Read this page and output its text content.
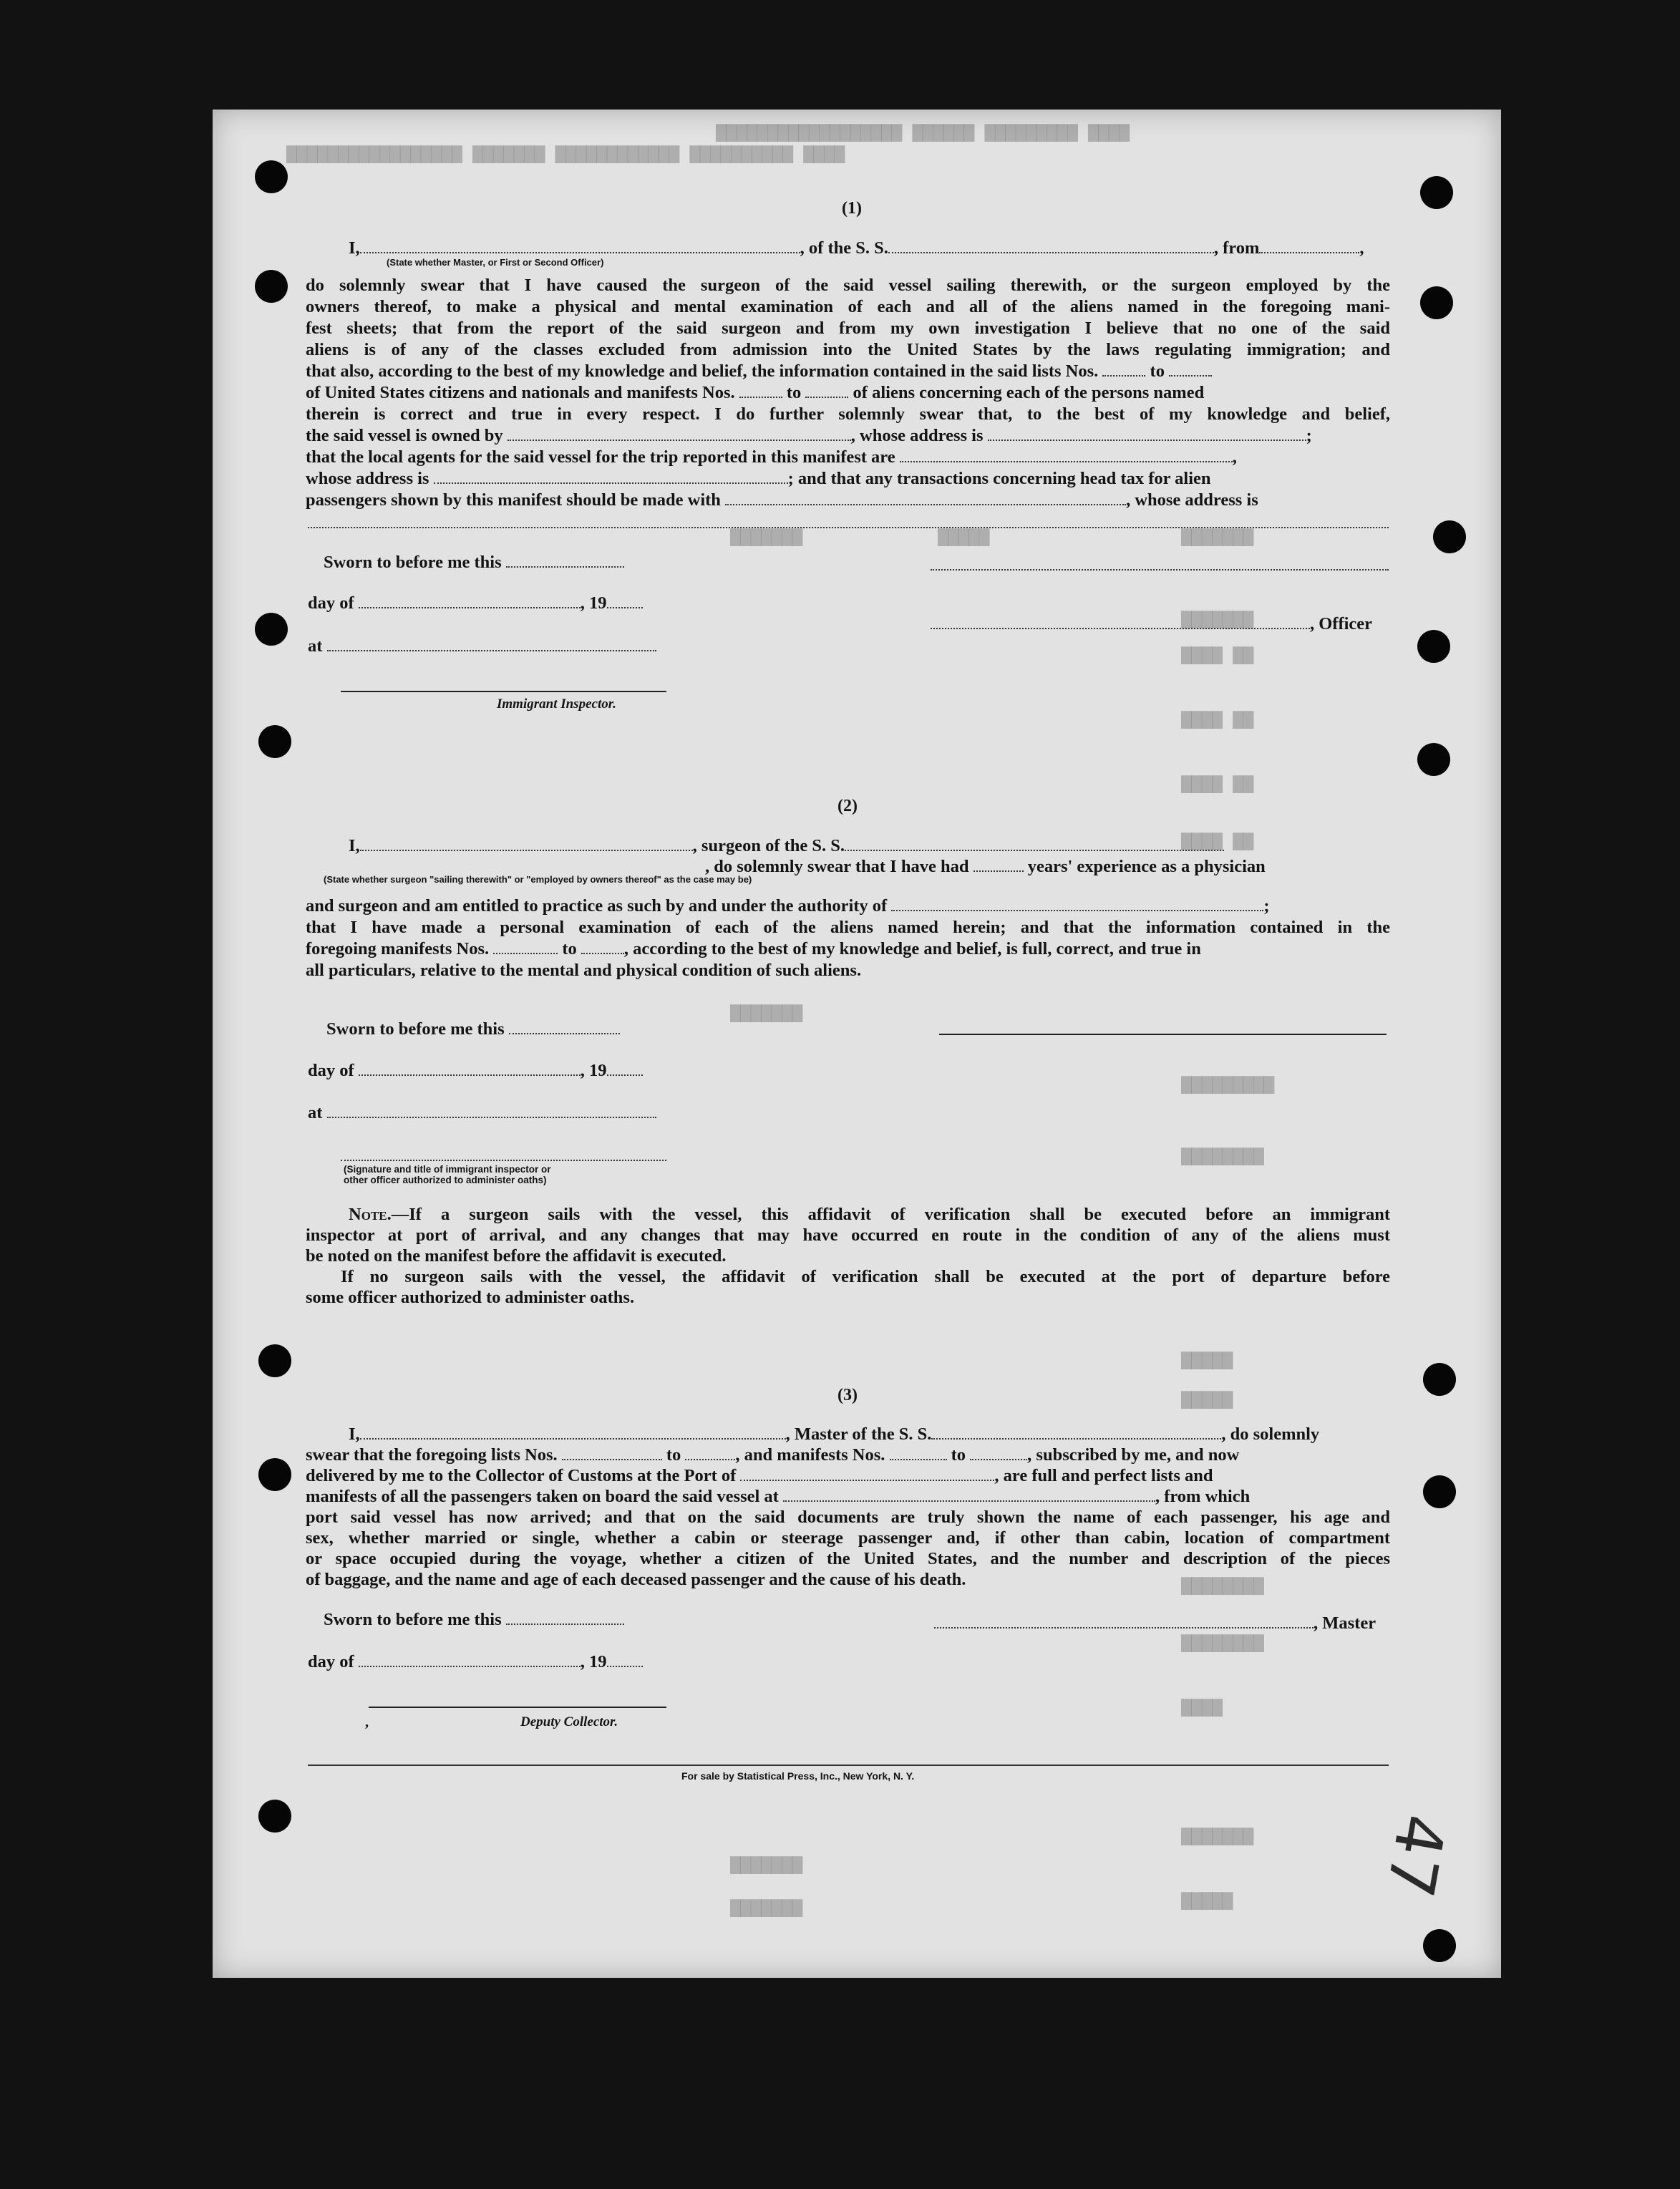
▇▇▇▇ ▇▇▇▇▇▇▇▇▇ ▇▇▇▇▇▇ ▇▇▇▇▇▇▇▇▇▇▇▇▇▇▇▇▇▇
▇▇▇▇ ▇▇▇▇▇▇▇▇▇▇ ▇▇▇▇▇▇▇▇▇▇▇▇ ▇▇▇▇▇▇▇ ▇▇▇▇▇▇▇▇▇▇▇▇▇▇▇▇▇
▇▇▇▇▇▇▇
▇▇▇▇▇
▇▇▇▇▇▇▇
▇▇▇▇▇▇▇
▇▇ ▇▇▇▇
▇▇ ▇▇▇▇
▇▇ ▇▇▇▇
▇▇ ▇▇▇▇
▇▇▇▇▇▇▇
▇▇▇▇▇▇▇▇▇
▇▇▇▇▇▇▇▇
▇▇▇▇▇
▇▇▇▇▇
▇▇▇▇▇▇▇▇
▇▇▇▇▇▇▇▇
▇▇▇▇
▇▇▇▇▇▇▇
▇▇▇▇▇
▇▇▇▇▇▇▇
▇▇▇▇▇▇▇
(1)
I,	, of the S. S.	, from	,
(State whether Master, or First or Second Officer)
do solemnly swear that I have caused the surgeon of the said vessel sailing therewith, or the surgeon employed by the
owners thereof, to make a physical and mental examination of each and all of the aliens named in the foregoing mani-
fest sheets; that from the report of the said surgeon and from my own investigation I believe that no one of the said
aliens is of any of the classes excluded from admission into the United States by the laws regulating immigration; and
that also, according to the best of my knowledge and belief, the information contained in the said lists Nos.	to
of United States citizens and nationals and manifests Nos.	to	of aliens concerning each of the persons named
therein is correct and true in every respect. I do further solemnly swear that, to the best of my knowledge and belief,
the said vessel is owned by	, whose address is	;
that the local agents for the said vessel for the trip reported in this manifest are	,
whose address is	; and that any transactions concerning head tax for alien
passengers shown by this manifest should be made with	, whose address is
Sworn to before me this
day of	, 19
at
Immigrant Inspector.
, Officer
(2)
I,	, surgeon of the S. S.
, do solemnly swear that I have had	years' experience as a physician
(State whether surgeon "sailing therewith" or "employed by owners thereof" as the case may be)
and surgeon and am entitled to practice as such by and under the authority of	;
that I have made a personal examination of each of the aliens named herein; and that the information contained in the
foregoing manifests Nos.	to	, according to the best of my knowledge and belief, is full, correct, and true in
all particulars, relative to the mental and physical condition of such aliens.
Sworn to before me this
day of	, 19
at
(Signature and title of immigrant inspector or
other officer authorized to administer oaths)
Note.—If a surgeon sails with the vessel, this affidavit of verification shall be executed before an immigrant
inspector at port of arrival, and any changes that may have occurred en route in the condition of any of the aliens must
be noted on the manifest before the affidavit is executed.
If no surgeon sails with the vessel, the affidavit of verification shall be executed at the port of departure before
some officer authorized to administer oaths.
(3)
I,	, Master of the S. S.	, do solemnly
swear that the foregoing lists Nos.	to	, and manifests Nos.	to	, subscribed by me, and now
delivered by me to the Collector of Customs at the Port of	, are full and perfect lists and
manifests of all the passengers taken on board the said vessel at	, from which
port said vessel has now arrived; and that on the said documents are truly shown the name of each passenger, his age and
sex, whether married or single, whether a cabin or steerage passenger and, if other than cabin, location of compartment
or space occupied during the voyage, whether a citizen of the United States, and the number and description of the pieces
of baggage, and the name and age of each deceased passenger and the cause of his death.
Sworn to before me this
day of	, 19
, Master
,	Deputy Collector.
For sale by Statistical Press, Inc., New York, N. Y.
47
